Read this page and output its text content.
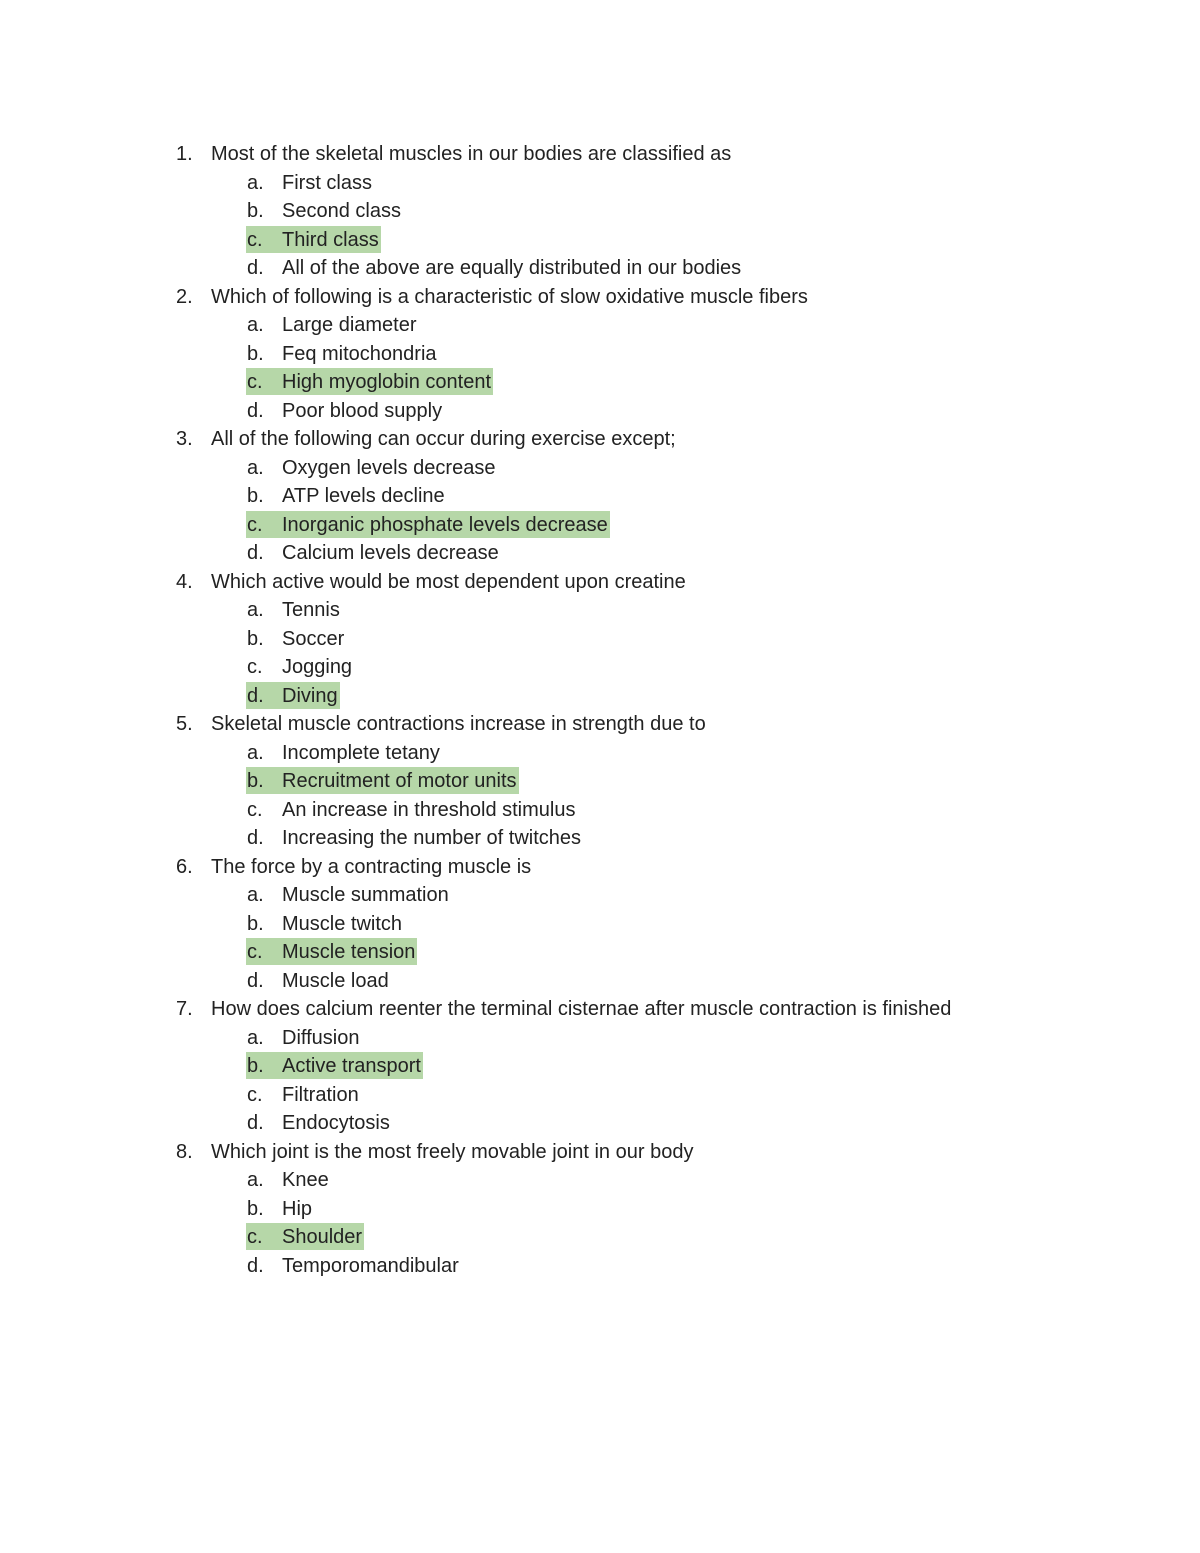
1. Most of the skeletal muscles in our bodies are classified as
a. First class
b. Second class
c. Third class
d. All of the above are equally distributed in our bodies
2. Which of following is a characteristic of slow oxidative muscle fibers
a. Large diameter
b. Feq mitochondria
c. High myoglobin content
d. Poor blood supply
3. All of the following can occur during exercise except;
a. Oxygen levels decrease
b. ATP levels decline
c. Inorganic phosphate levels decrease
d. Calcium levels decrease
4. Which active would be most dependent upon creatine
a. Tennis
b. Soccer
c. Jogging
d. Diving
5. Skeletal muscle contractions increase in strength due to
a. Incomplete tetany
b. Recruitment of motor units
c. An increase in threshold stimulus
d. Increasing the number of twitches
6. The force by a contracting muscle is
a. Muscle summation
b. Muscle twitch
c. Muscle tension
d. Muscle load
7. How does calcium reenter the terminal cisternae after muscle contraction is finished
a. Diffusion
b. Active transport
c. Filtration
d. Endocytosis
8. Which joint is the most freely movable joint in our body
a. Knee
b. Hip
c. Shoulder
d. Temporomandibular
